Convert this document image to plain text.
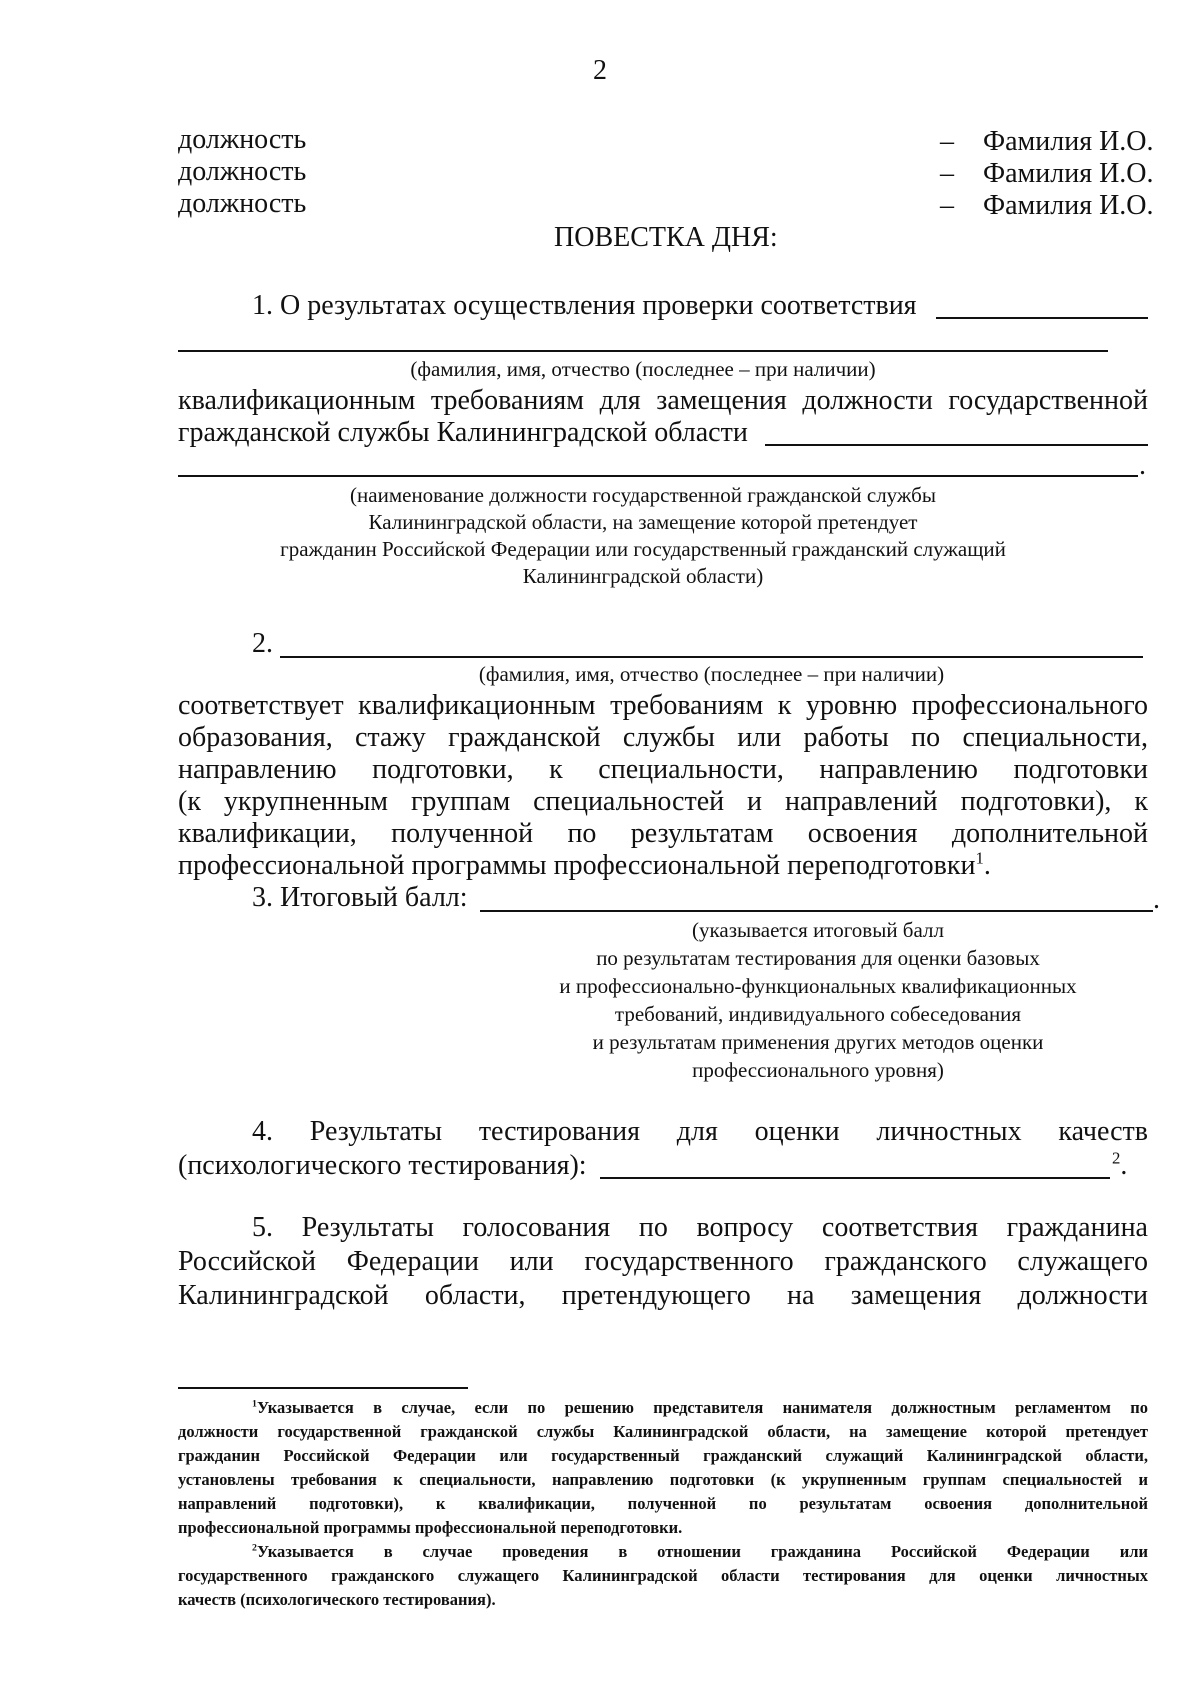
2
должность	– Фамилия И.О.
должность	– Фамилия И.О.
должность	– Фамилия И.О.
ПОВЕСТКА ДНЯ:
1. О результатах осуществления проверки соответствия
(фамилия, имя, отчество (последнее – при наличии)
квалификационным требованиям для замещения должности государственной
гражданской службы Калининградской области
.
(наименование должности государственной гражданской службы
Калининградской области, на замещение которой претендует
гражданин Российской Федерации или государственный гражданский служащий
Калининградской области)
2.
(фамилия, имя, отчество (последнее – при наличии)
соответствует квалификационным требованиям к уровню профессионального
образования, стажу гражданской службы или работы по специальности,
направлению подготовки, к специальности, направлению подготовки
(к укрупненным группам специальностей и направлений подготовки), к
квалификации, полученной по результатам освоения дополнительной
профессиональной программы профессиональной переподготовки$^1$.
3. Итоговый балл:	.
(указывается итоговый балл
по результатам тестирования для оценки базовых
и профессионально-функциональных квалификационных
требований, индивидуального собеседования
и результатам применения других методов оценки
профессионального уровня)
4. Результаты тестирования для оценки личностных качеств
(психологического тестирования):	$^2$.
5. Результаты голосования по вопросу соответствия гражданина
Российской Федерации или государственного гражданского служащего
Калининградской области, претендующего на замещения должности
$^1$Указывается в случае, если по решению представителя нанимателя должностным регламентом по
должности государственной гражданской службы Калининградской области, на замещение которой претендует
гражданин Российской Федерации или государственный гражданский служащий Калининградской области,
установлены требования к специальности, направлению подготовки (к укрупненным группам специальностей и
направлений подготовки), к квалификации, полученной по результатам освоения дополнительной
профессиональной программы профессиональной переподготовки.
$^2$Указывается в случае проведения в отношении гражданина Российской Федерации или
государственного гражданского служащего Калининградской области тестирования для оценки личностных
качеств (психологического тестирования).
